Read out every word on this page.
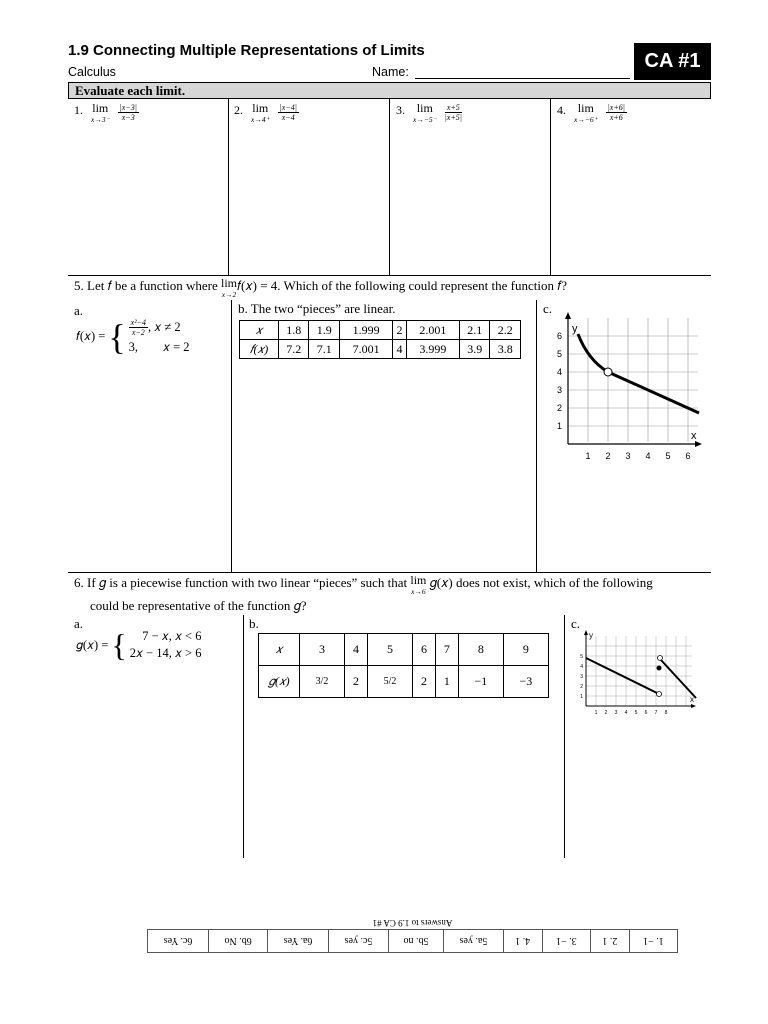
1.9 Connecting Multiple Representations of Limits
Calculus	Name:	CA #1
Evaluate each limit.
1. lim
$x\to 3^- \frac{|x-3|}{x-3}$	2. lim
$x\to 4^+ \frac{|x-4|}{x-4}$	3. lim
$x\to-5^- \frac{x+5}{|x+5|}$	4. lim
$x\to-6^+ \frac{|x+6|}{x+6}$
5. Let 𝑓 be a function where lim
x→2
𝑓(𝑥) = 4. Which of the following could represent the function 𝑓?
a.
𝑓(𝑥) = { $\frac{\text{x²−4}}{x-2}$ , 𝑥 ≠ 2
3,        𝑥 = 2
b. The two “pieces” are linear.
𝑥	1.8	1.9	1.999	2	2.001	2.1	2.2
𝑓(𝑥)	7.2	7.1	7.001	4	3.999	3.9	3.8
c.
x
y
1 2 3 4 5 6
1
2
3
4
5
6
6. If 𝑔 is a piecewise function with two linear “pieces” such that lim
x→6
𝑔(𝑥) does not exist, which of the following
could be representative of the function 𝑔?
a.
𝑔(𝑥) = { 7 − 𝑥, 𝑥 < 6
2𝑥 − 14, 𝑥 > 6
b.
𝑥	3	4	5	6	7	8	9
𝑔(𝑥)	3/2	2	5/2	2	1	−1	−3
c.
x
y
1 2 3 4 5 6 7 8
1
2
3
4
5
1. −1	2. 1	3. −1	4. 1	5a. yes	5b. no	5c. yes	6a. Yes	6b. No	6c. Yes
Answers to 1.9 CA #1
